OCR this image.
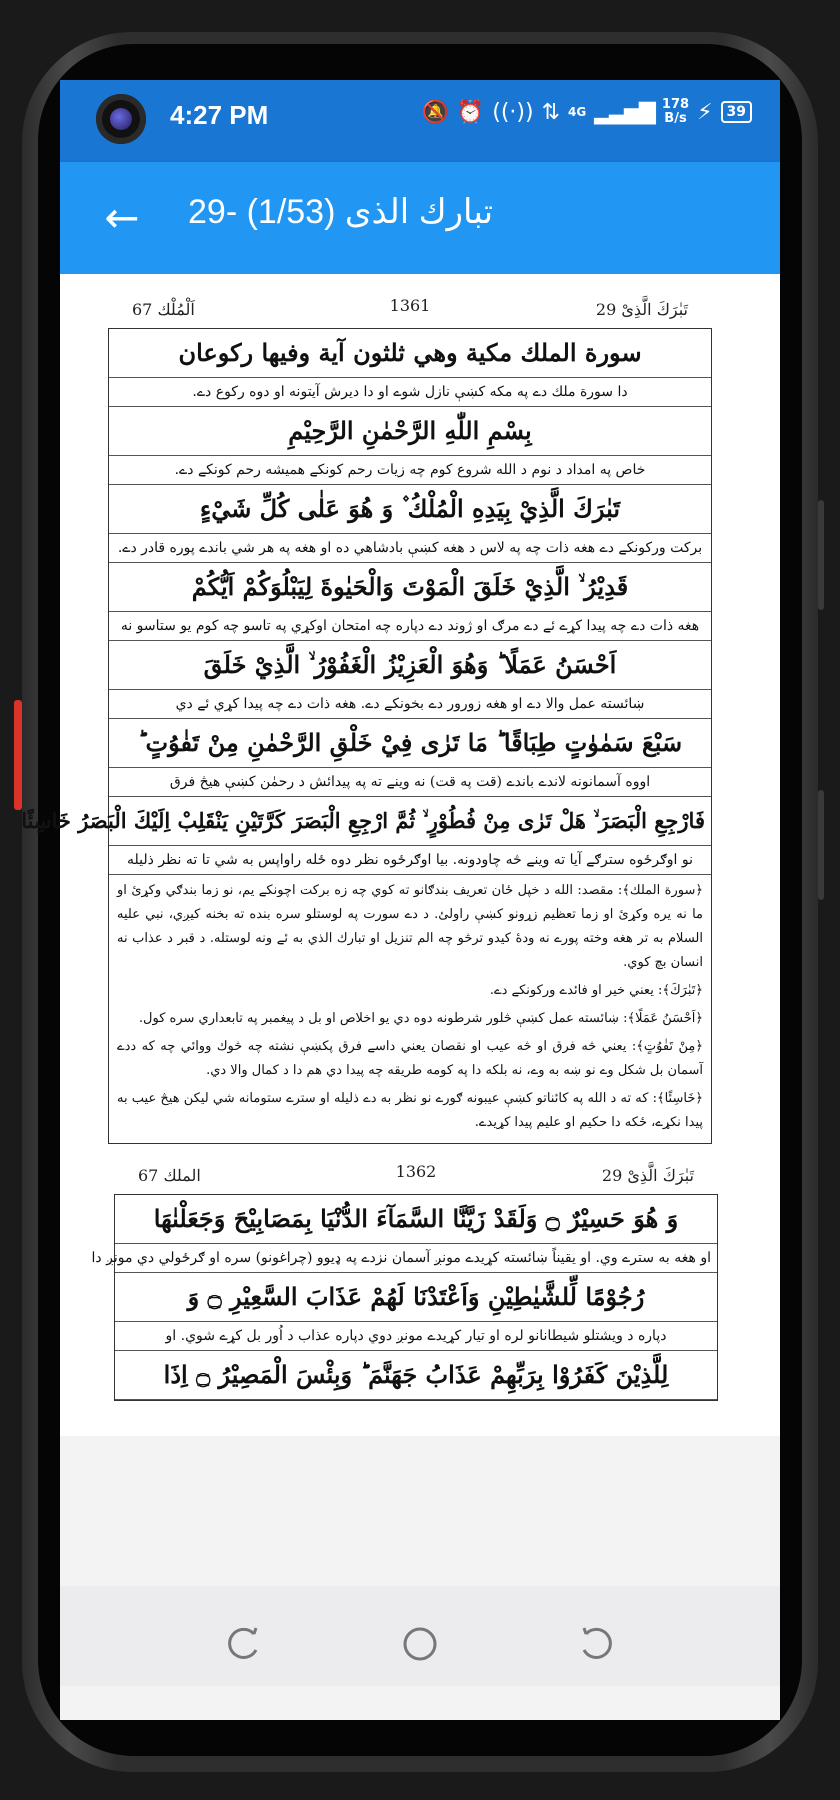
4:27 PM	🔕 ⏰ ((·)) ⇅ 4G ▂▃▅▇ 178
B/s ⚡	39
←	29- تبارك الذى (1/53)
اَلْمُلْك 67	1361	تَبٰرَكَ الَّذِیْ 29
سورة الملك مكية وهي ثلثون آية وفيها ركوعان
دا سورة ملك دے په مكه كښې نازل شوے او دا ديرش آيتونه او دوه ركوع دے.
بِسْمِ اللّٰهِ الرَّحْمٰنِ الرَّحِيْمِ
خاص په امداد د نوم د الله شروع كوم چه زيات رحم كونكے هميشه رحم كونكے دے.
تَبٰرَكَ الَّذِيْ بِيَدِهِ الْمُلْكُ ۫ وَ هُوَ عَلٰى كُلِّ شَيْءٍ
بركت وركونكے دے هغه ذات چه په لاس د هغه كښې بادشاهي ده او هغه په هر شي باندے پوره قادر دے.
قَدِيْرُ ۙ الَّذِيْ خَلَقَ الْمَوْتَ وَالْحَيٰوةَ لِيَبْلُوَكُمْ اَيُّكُمْ
هغه ذات دے چه پيدا كړے ئے دے مرګ او ژوند دے دپاره چه امتحان اوكړي په تاسو چه كوم يو ستاسو نه
اَحْسَنُ عَمَلًا ؕ وَهُوَ الْعَزِيْزُ الْغَفُوْرُ ۙ الَّذِيْ خَلَقَ
ښائسته عمل والا دے او هغه زورور دے بخونكے دے. هغه ذات دے چه پيدا كړي ئے دي
سَبْعَ سَمٰوٰتٍ طِبَاقًا ؕ مَا تَرٰى فِيْ خَلْقِ الرَّحْمٰنِ مِنْ تَفٰوُتٍ ؕ
اووه آسمانونه لاندے باندے (قت په قت) نه وينے ته په پيدائش د رحمٰن كښې هيڅ فرق
فَارْجِعِ الْبَصَرَ ۙ هَلْ تَرٰى مِنْ فُطُوْرٍ ۙ ثُمَّ ارْجِعِ الْبَصَرَ كَرَّتَيْنِ يَنْقَلِبْ اِلَيْكَ الْبَصَرُ خَاسِئًا
نو اوګرځوه سترګے آيا ته وينے څه چاودونه. بيا اوګرځوه نظر دوه ځله راواپس به شي تا ته نظر ذليله

﴿سورة الملك﴾: مقصد: الله د خپل ځان تعريف بندګانو ته كوي چه زه بركت اچونكے يم، نو زما بندګي وكړئ او ما نه يره وكړئ او زما تعظيم زړونو كښې راولئ. د دے سورت په لوستلو سره بنده ته بخنه كيږي، نبي عليه السلام به تر هغه وخته پورے نه ودهٔ كيدو ترڅو چه الم تنزيل او تبارك الذي به ئے ونه لوستله. د قبر د عذاب نه انسان بچ كوي.

﴿تَبٰرَكَ﴾: يعني خير او فائدے وركونكے دے.

﴿اَحْسَنُ عَمَلًا﴾: ښائسته عمل كښې څلور شرطونه دوه دي يو اخلاص او بل د پيغمبر په تابعداري سره كول.

﴿مِنْ تَفٰوُتٍ﴾: يعني څه فرق او څه عيب او نقصان يعني داسے فرق پكښې نشته چه څوك ووائي چه كه ددے آسمان بل شكل وے نو ښه به وے، نه بلكه دا په كومه طريقه چه پيدا دي هم دا د كمال والا دي.

﴿خَاسِئًا﴾: كه ته د الله په كائناتو كښې عيبونه ګورے نو نظر به دے ذليله او سترے ستومانه شي ليكن هيڅ عيب به پيدا نكړے، ځكه دا حكيم او عليم پيدا كړيدے.

الملك 67	1362	تَبٰرَكَ الَّذِیْ 29
وَ هُوَ حَسِيْرٌ ۝ وَلَقَدْ زَيَّنَّا السَّمَآءَ الدُّنْيَا بِمَصَابِيْحَ وَجَعَلْنٰهَا
او هغه به سترے وي. او يقيناً ښائسته كړيدے مونږ آسمان نزدے په ډيوو (چراغونو) سره او ګرځولي دي مونږ دا
رُجُوْمًا لِّلشَّيٰطِيْنِ وَاَعْتَدْنَا لَهُمْ عَذَابَ السَّعِيْرِ ۝ وَ
دپاره د ويشتلو شيطانانو لره او تيار كړيدے مونږ دوي دپاره عذاب د اُور بل كړے شوي. او
لِلَّذِيْنَ كَفَرُوْا بِرَبِّهِمْ عَذَابُ جَهَنَّمَ ؕ وَبِئْسَ الْمَصِيْرُ ۝ اِذَا
